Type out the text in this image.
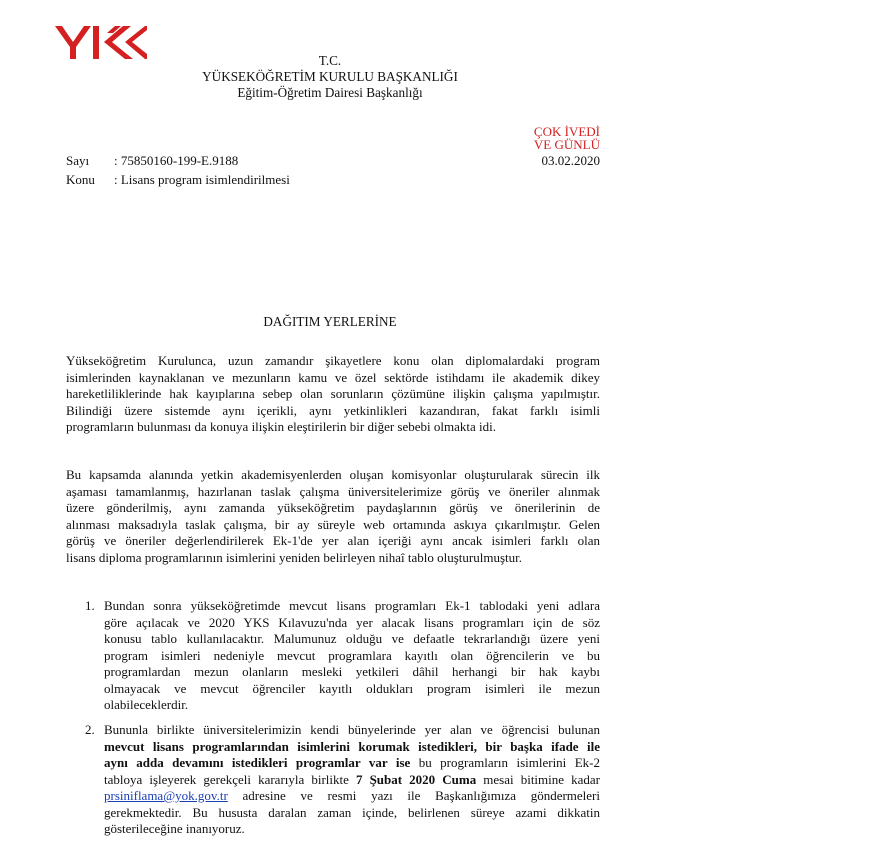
T.C.
YÜKSEKÖĞRETİM KURULU BAŞKANLIĞI
Eğitim-Öğretim Dairesi Başkanlığı
ÇOK İVEDİ
VE GÜNLÜ
03.02.2020
Sayı : 75850160-199-E.9188
Konu : Lisans program isimlendirilmesi
DAĞITIM YERLERİNE
Yükseköğretim Kurulunca, uzun zamandır şikayetlere konu olan diplomalardaki program
isimlerinden kaynaklanan ve mezunların kamu ve özel sektörde istihdamı ile akademik dikey
hareketliliklerinde hak kayıplarına sebep olan sorunların çözümüne ilişkin çalışma yapılmıştır.
Bilindiği üzere sistemde aynı içerikli, aynı yetkinlikleri kazandıran, fakat farklı isimli
programların bulunması da konuya ilişkin eleştirilerin bir diğer sebebi olmakta idi.
Bu kapsamda alanında yetkin akademisyenlerden oluşan komisyonlar oluşturularak sürecin ilk
aşaması tamamlanmış, hazırlanan taslak çalışma üniversitelerimize görüş ve öneriler alınmak
üzere gönderilmiş, aynı zamanda yükseköğretim paydaşlarının görüş ve önerilerinin de
alınması maksadıyla taslak çalışma, bir ay süreyle web ortamında askıya çıkarılmıştır. Gelen
görüş ve öneriler değerlendirilerek Ek-1'de yer alan içeriği aynı ancak isimleri farklı olan
lisans diploma programlarının isimlerini yeniden belirleyen nihaî tablo oluşturulmuştur.
1. Bundan sonra yükseköğretimde mevcut lisans programları Ek-1 tablodaki yeni adlara
göre açılacak ve 2020 YKS Kılavuzu'nda yer alacak lisans programları için de söz
konusu tablo kullanılacaktır. Malumunuz olduğu ve defaatle tekrarlandığı üzere yeni
program isimleri nedeniyle mevcut programlara kayıtlı olan öğrencilerin ve bu
programlardan mezun olanların mesleki yetkileri dâhil herhangi bir hak kaybı
olmayacak ve mevcut öğrenciler kayıtlı oldukları program isimleri ile mezun
olabileceklerdir.
2. Bununla birlikte üniversitelerimizin kendi bünyelerinde yer alan ve öğrencisi bulunan
mevcut lisans programlarından isimlerini korumak istedikleri, bir başka ifade ile
aynı adda devamını istedikleri programlar var ise bu programların isimlerini Ek-2
tabloya işleyerek gerekçeli kararıyla birlikte 7 Şubat 2020 Cuma mesai bitimine kadar
prsiniflama@yok.gov.tr adresine ve resmi yazı ile Başkanlığımıza göndermeleri
gerekmektedir. Bu hususta daralan zaman içinde, belirlenen süreye azami dikkatin
gösterileceğine inanıyoruz.
